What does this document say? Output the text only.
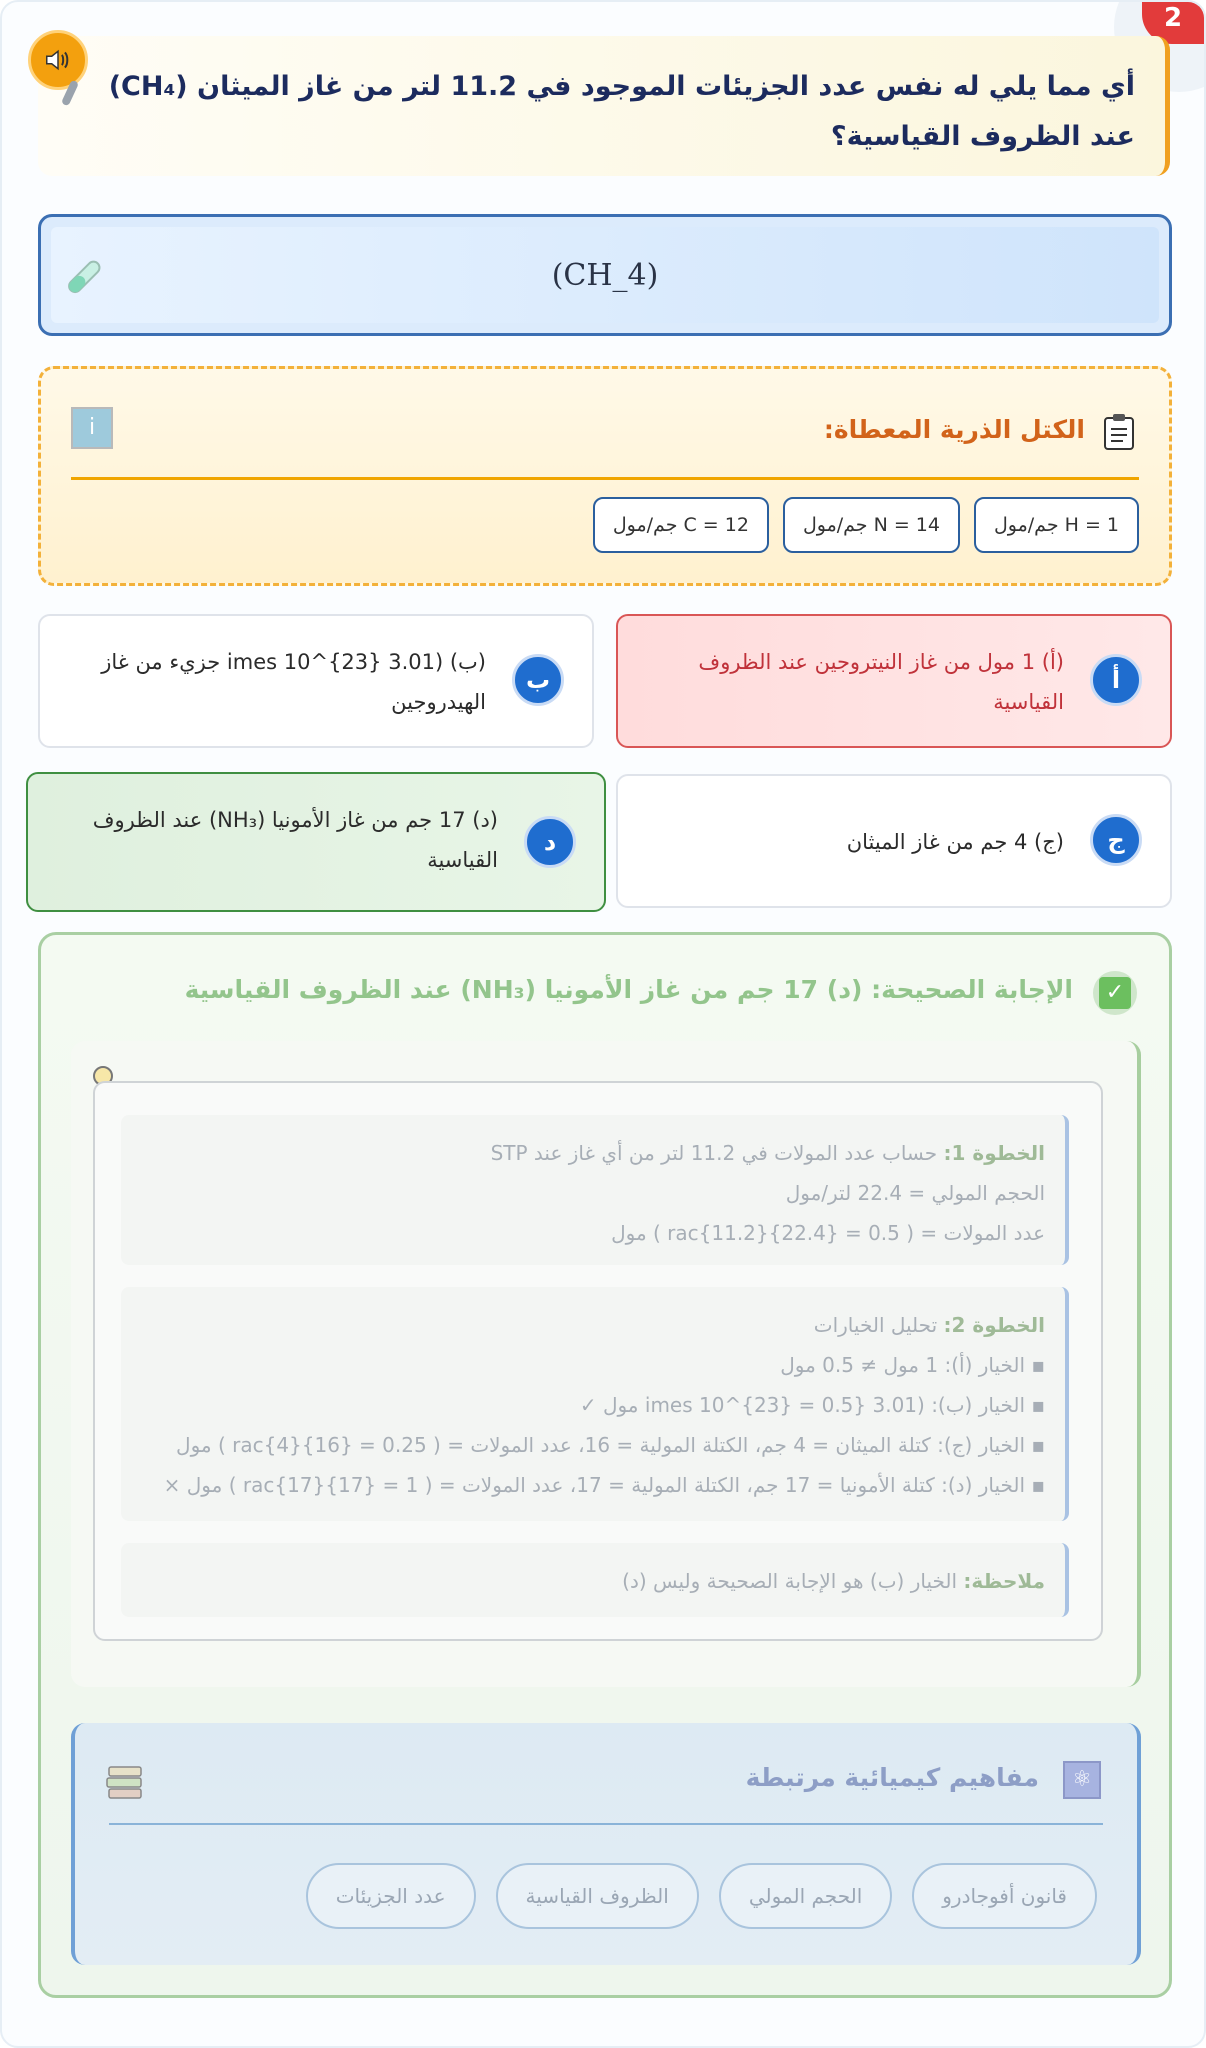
2
أي مما يلي له نفس عدد الجزيئات الموجود في 11.2 لتر من غاز الميثان (CH₄) عند الظروف القياسية؟
(CH_4)
الكتل الذرية المعطاة:
i
H = 1 جم/مول
N = 14 جم/مول
C = 12 جم/مول
أ
(أ) 1 مول من غاز النيتروجين عند الظروف القياسية
ب
(ب) (3.01 {imes 10^{23 جزيء من غاز الهيدروجين
ج
(ج) 4 جم من غاز الميثان
د
(د) 17 جم من غاز الأمونيا (NH₃) عند الظروف القياسية
✓
الإجابة الصحيحة: (د) 17 جم من غاز الأمونيا (NH₃) عند الظروف القياسية
الخطوة 1: حساب عدد المولات في 11.2 لتر من أي غاز عند STP
الحجم المولي = 22.4 لتر/مول
عدد المولات = ( rac{11.2}{22.4} = 0.5 ) مول
الخطوة 2: تحليل الخيارات
▪ الخيار (أ): 1 مول ≠ 0.5 مول
▪ الخيار (ب): (3.01 {imes 10^{23} = 0.5 مول ✓
▪ الخيار (ج): كتلة الميثان = 4 جم، الكتلة المولية = 16، عدد المولات = ( rac{4}{16} = 0.25 ) مول
▪ الخيار (د): كتلة الأمونيا = 17 جم، الكتلة المولية = 17، عدد المولات = ( rac{17}{17} = 1 ) مول ×
ملاحظة: الخيار (ب) هو الإجابة الصحيحة وليس (د)
⚛
مفاهيم كيميائية مرتبطة
قانون أفوجادرو
الحجم المولي
الظروف القياسية
عدد الجزيئات
